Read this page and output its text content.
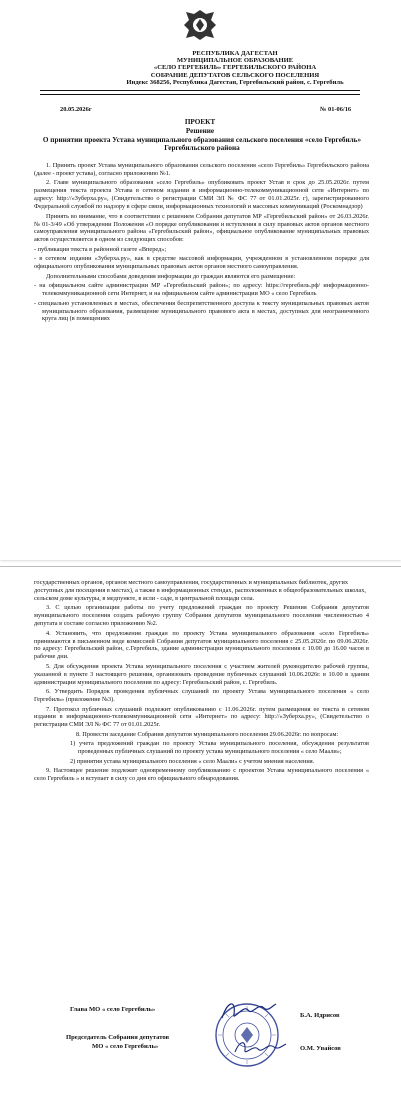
РЕСПУБЛИКА ДАГЕСТАН
МУНИЦИПАЛЬНОЕ ОБРАЗОВАНИЕ
«СЕЛО ГЕРГЕБИЛЬ» ГЕРГЕБИЛЬСКОГО РАЙОНА
СОБРАНИЕ ДЕПУТАТОВ СЕЛЬСКОГО ПОСЕЛЕНИЯ
Индекс 368256, Республика Дагестан, Гергебильский район, с. Гергебиль
20.05.2026г	№ 01-06/16
ПРОЕКТ
Решение
О принятии проекта Устава муниципального образования сельского поселения «село Гергебиль» Гергебильского района

1. Принять проект Устава муниципального образования сельского поселения «село Гергебиль» Гергебильского района (далее - проект устава), согласно приложению №1.

2. Главе муниципального образования «село Гергебиль» опубликовать проект Устав в срок до 25.05.2026г. путем размещения текста проекта Устава в сетевом издании в информационно-телекоммуникационной сети «Интернет» по адресу: http://«Зуберха.ру», (Свидетельство о регистрации СМИ ЭЛ № ФС 77 от 01.01.2025г. г), зарегистрированного Федеральной службой по надзору в сфере связи, информационных технологий и массовых коммуникаций (Роскомнадзор)

Принять во внимание, что в соответствии с решением Собрания депутатов МР «Гергебильский район» от 26.03.2026г. № 01-3/49 «Об утверждении Положения «О порядке опубликования и вступления в силу правовых актов органов местного самоуправления муниципального района «Гергебильский район», официальное опубликование муниципальных правовых актов осуществляется в одном из следующих способов:

- публикация текста в районной газете «Вперед»;

- в сетевом издании «Зуберха.ру», как в средстве массовой информации, учрежденном в установленном порядке для официального опубликования муниципальных правовых актов органов местного самоуправления.

Дополнительными способами доведения информации до граждан являются его размещение:

- на официальном сайте администрации МР «Гергебильский район»; по адресу: https://гергебиль.рф/ информационно-телекоммуникационной сети Интернет, и на официальном сайте администрации МО « село Гергебиль

- специально установленных в местах, обеспечения беспрепятственного доступа к тексту муниципальных правовых актов муниципального образования, размещение муниципального правового акта в местах, доступных для неограниченного круга лиц (в помещениях

государственных органов, органов местного самоуправления, государственных и муниципальных библиотек, других доступных для посещения в местах), а также в информационных стендах, расположенных в общеобразовательных школах, сельском доме культуры, в медпункте, в ясли - саде, в центральной площади села.

3. С целью организации работы по учету предложений граждан по проекту Решения Собрания депутатов муниципального поселения создать рабочую группу Собрания депутатов муниципального поселения численностью 4 депутата в составе согласно приложению №2.

4. Установить, что предложения граждан по проекту Устава муниципального образования «село Гергебиль» принимаются в письменном виде комиссией Собрания депутатов муниципального поселения с 25.05.2026г. по 09.06.2026г. по адресу: Гергебильский район, с.Гергебиль, здание администрации муниципального поселения с 10.00 до 16.00 часов в рабочие дни.

5. Для обсуждения проекта Устава муниципального поселения с участием жителей руководителю рабочей группы, указанной в пункте 3 настоящего решения, организовать проведение публичных слушаний 10.06.2026г. в 10.00 в здании администрации муниципального поселения по адресу: Гергебильский район, с. Гергебиль.

6. Утвердить Порядок проведения публичных слушаний по проекту Устава муниципального поселения « село Гергебиль» (приложение №3).

7. Протокол публичных слушаний подлежит опубликованию с 11.06.2026г. путем размещения ее текста в сетевом издании в информационно-телекоммуникационной сети «Интернет» по адресу: http://«Зуберха.ру», (Свидетельство о регистрации СМИ ЭЛ № ФС 77 от 01.01.2025г.

8. Провести заседание Собрания депутатов муниципального поселения 29.06.2026г. по вопросам:

1) учета предложений граждан по проекту Устава муниципального поселения, обсуждения результатов проведенных публичных слушаний по проекту устава муниципального поселения « село Маали»;

2) принятия устава муниципального поселения « село Маали» с учетом мнения населения.

9. Настоящее решение подлежит одновременному опубликованию с проектом Устава муниципального поселения « село Гергебиль » и вступает в силу со дня его официального обнародования.

Глава МО « село Гергебиль»
Б.А. Идрисов
Председатель Собрания депутатов
МО « село Гергебиль»	О.М. Увайсов
